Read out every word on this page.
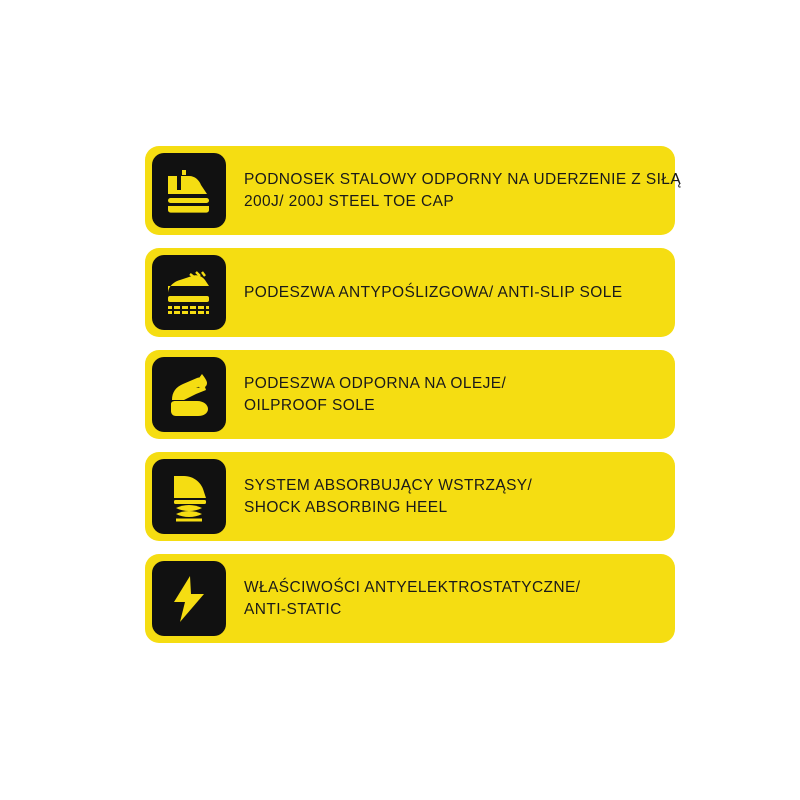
PODNOSEK STALOWY ODPORNY NA UDERZENIE Z SIŁĄ
200J/ 200J STEEL TOE CAP
PODESZWA ANTYPOŚLIZGOWA/ ANTI-SLIP SOLE
PODESZWA ODPORNA NA OLEJE/
OILPROOF SOLE
SYSTEM ABSORBUJĄCY WSTRZĄSY/
SHOCK ABSORBING HEEL
WŁAŚCIWOŚCI ANTYELEKTROSTATYCZNE/
ANTI-STATIC
